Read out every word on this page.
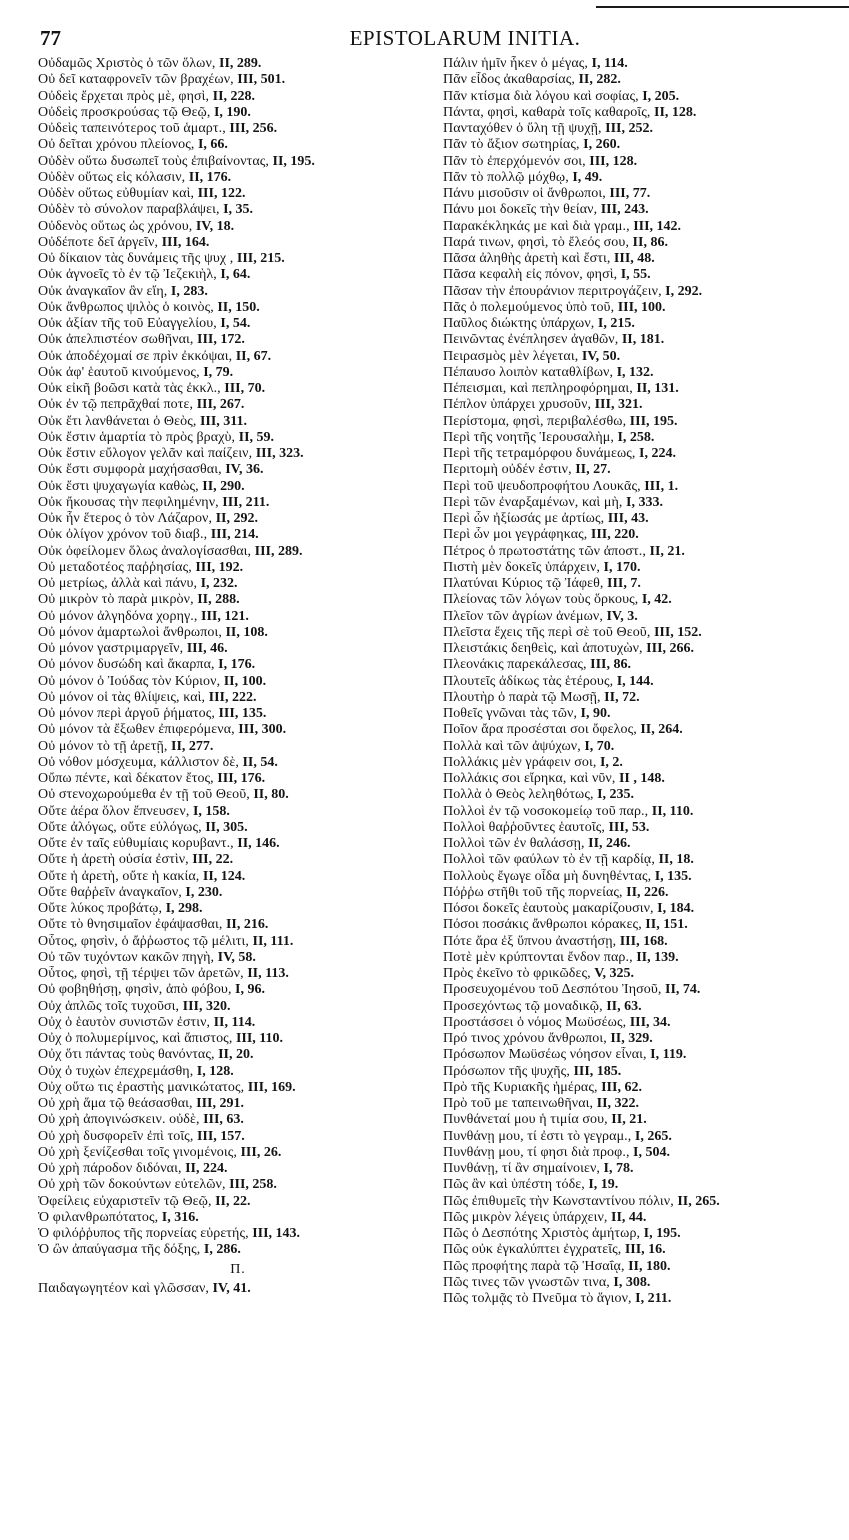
77	EPISTOLARUM INITIA.
Οὐδαμῶς Χριστὸς ὁ τῶν ὅλων, II, 289.
Οὐ δεῖ καταφρονεῖν τῶν βραχέων, III, 501.
Οὐδεὶς ἔρχεται πρὸς μὲ, φησὶ, II, 228.
Οὐδεὶς προσκρούσας τῷ Θεῷ, I, 190.
Οὐδεὶς ταπεινότερος τοῦ ἁμαρτ., III, 256.
Οὐ δεῖται χρόνου πλείονος, I, 66.
Οὐδὲν οὕτω δυσωπεῖ τοὺς ἐπιβαίνοντας, II, 195.
Οὐδὲν οὕτως εἰς κόλασιν, II, 176.
Οὐδὲν οὕτως εὐθυμίαν καὶ, III, 122.
Οὐδὲν τὸ σύνολον παραβλάψει, I, 35.
Οὐδενὸς οὕτως ὡς χρόνου, IV, 18.
Οὐδέποτε δεῖ ἀργεῖν, III, 164.
Οὐ δίκαιον τὰς δυνάμεις τῆς ψυχ , III, 215.
Οὐκ ἀγνοεῖς τὸ ἐν τῷ Ἰεζεκιὴλ, I, 64.
Οὐκ ἀναγκαῖον ἂν εἴη, I, 283.
Οὐκ ἄνθρωπος ψιλὸς ὁ κοινὸς, II, 150.
Οὐκ ἀξίαν τῆς τοῦ Εὐαγγελίου, I, 54.
Οὐκ ἀπελπιστέον σωθῆναι, III, 172.
Οὐκ ἀποδέχομαί σε πρὶν ἐκκόψαι, II, 67.
Οὐκ ἀφ' ἑαυτοῦ κινούμενος, I, 79.
Οὐκ εἰκῆ βοῶσι κατὰ τὰς ἐκκλ., III, 70.
Οὐκ ἐν τῷ πεπρᾶχθαί ποτε, III, 267.
Οὐκ ἔτι λανθάνεται ὁ Θεὸς, III, 311.
Οὐκ ἔστιν ἁμαρτία τὸ πρὸς βραχὺ, II, 59.
Οὐκ ἔστιν εὔλογον γελᾶν καὶ παίζειν, III, 323.
Οὐκ ἔστι συμφορὰ μαχήσασθαι, IV, 36.
Οὐκ ἔστι ψυχαγωγία καθὼς, II, 290.
Οὐκ ἤκουσας τὴν πεφιλημένην, III, 211.
Οὐκ ἦν ἕτερος ὁ τὸν Λάζαρον, II, 292.
Οὐκ ὀλίγον χρόνον τοῦ διαβ., III, 214.
Οὐκ ὀφείλομεν ὅλως ἀναλογίσασθαι, III, 289.
Οὐ μεταδοτέος παῤῥησίας, III, 192.
Οὐ μετρίως, ἀλλὰ καὶ πάνυ, I, 232.
Οὐ μικρὸν τὸ παρὰ μικρὸν, II, 288.
Οὐ μόνον ἀλγηδόνα χορηγ., III, 121.
Οὐ μόνον ἁμαρτωλοὶ ἄνθρωποι, II, 108.
Οὐ μόνον γαστριμαργεῖν, III, 46.
Οὐ μόνον δυσώδη καὶ ἄκαρπα, I, 176.
Οὐ μόνον ὁ Ἰούδας τὸν Κύριον, II, 100.
Οὐ μόνον οἱ τὰς θλίψεις, καὶ, III, 222.
Οὐ μόνον περὶ ἀργοῦ ῥήματος, III, 135.
Οὐ μόνον τὰ ἔξωθεν ἐπιφερόμενα, III, 300.
Οὐ μόνον τὸ τῇ ἀρετῇ, II, 277.
Οὐ νόθον μόσχευμα, κάλλιστον δὲ, II, 54.
Οὔπω πέντε, καὶ δέκατον ἔτος, III, 176.
Οὐ στενοχωρούμεθα ἐν τῇ τοῦ Θεοῦ, II, 80.
Οὔτε ἀέρα ὅλον ἔπνευσεν, I, 158.
Οὔτε ἀλόγως, οὔτε εὐλόγως, II, 305.
Οὔτε ἐν ταῖς εὐθυμίαις κορυβαντ., II, 146.
Οὔτε ἡ ἀρετὴ οὐσία ἐστὶν, III, 22.
Οὔτε ἡ ἀρετὴ, οὔτε ἡ κακία, II, 124.
Οὔτε θαῤῥεῖν ἀναγκαῖον, I, 230.
Οὔτε λύκος προβάτῳ, I, 298.
Οὔτε τὸ θνησιμαῖον ἐφάψασθαι, II, 216.
Οὗτος, φησὶν, ὁ ἄῤῥωστος τῷ μέλιτι, II, 111.
Οὐ τῶν τυχόντων κακῶν πηγὴ, IV, 58.
Οὗτος, φησὶ, τῇ τέρψει τῶν ἀρετῶν, II, 113.
Οὐ φοβηθήσῃ, φησὶν, ἀπὸ φόβου, I, 96.
Οὐχ ἁπλῶς τοῖς τυχοῦσι, III, 320.
Οὐχ ὁ ἑαυτὸν συνιστῶν ἐστιν, II, 114.
Οὐχ ὁ πολυμερίμνος, καὶ ἄπιστος, III, 110.
Οὐχ ὅτι πάντας τοὺς θανόντας, II, 20.
Οὐχ ὁ τυχὼν ἐπεχρεμάσθη, I, 128.
Οὐχ οὕτω τις ἐραστὴς μανικώτατος, III, 169.
Οὐ χρὴ ἅμα τῷ θεάσασθαι, III, 291.
Οὐ χρὴ ἀπογινώσκειν. οὐδὲ, III, 63.
Οὐ χρὴ δυσφορεῖν ἐπὶ τοῖς, III, 157.
Οὐ χρὴ ξενίζεσθαι τοῖς γινομένοις, III, 26.
Οὐ χρὴ πάροδον διδόναι, II, 224.
Οὐ χρὴ τῶν δοκούντων εὐτελῶν, III, 258.
Ὀφείλεις εὐχαριστεῖν τῷ Θεῷ, II, 22.
Ὁ φιλανθρωπότατος, I, 316.
Ὁ φιλόῤῥυπος τῆς πορνείας εὑρετής, III, 143.
Ὁ ὢν ἀπαύγασμα τῆς δόξης, I, 286.
Π.
Παιδαγωγητέον καὶ γλῶσσαν, IV, 41.
Πάλιν ἡμῖν ἧκεν ὁ μέγας, I, 114.
Πᾶν εἶδος ἀκαθαρσίας, II, 282.
Πᾶν κτίσμα διὰ λόγου καὶ σοφίας, I, 205.
Πάντα, φησὶ, καθαρὰ τοῖς καθαροῖς, II, 128.
Πανταχόθεν ὁ ὕλη τῇ ψυχῇ, III, 252.
Πᾶν τὸ ἄξιον σωτηρίας, I, 260.
Πᾶν τὸ ἐπερχόμενόν σοι, III, 128.
Πᾶν τὸ πολλῷ μόχθῳ, I, 49.
Πάνυ μισοῦσιν οἱ ἄνθρωποι, III, 77.
Πάνυ μοι δοκεῖς τὴν θείαν, III, 243.
Παρακέκληκάς με καὶ διὰ γραμ., III, 142.
Παρά τινων, φησὶ, τὸ ἔλεός σου, II, 86.
Πᾶσα ἀληθὴς ἀρετὴ καὶ ἔστι, III, 48.
Πᾶσα κεφαλὴ εἰς πόνον, φησὶ, I, 55.
Πᾶσαν τὴν ἐπουράνιον περιτρογάζειν, I, 292.
Πᾶς ὁ πολεμούμενος ὑπὸ τοῦ, III, 100.
Παῦλος διώκτης ὑπάρχων, I, 215.
Πεινῶντας ἐνέπλησεν ἀγαθῶν, II, 181.
Πειρασμὸς μὲν λέγεται, IV, 50.
Πέπαυσο λοιπὸν καταθλίβων, I, 132.
Πέπεισμαι, καὶ πεπληροφόρημαι, II, 131.
Πέπλον ὑπάρχει χρυσοῦν, III, 321.
Περίστομα, φησὶ, περιβαλέσθω, III, 195.
Περὶ τῆς νοητῆς Ἱερουσαλὴμ, I, 258.
Περὶ τῆς τετραμόρφου δυνάμεως, I, 224.
Περιτομὴ οὐδέν ἐστιν, II, 27.
Περὶ τοῦ ψευδοπροφήτου Λουκᾶς, III, 1.
Περὶ τῶν ἐναρξαμένων, καὶ μὴ, I, 333.
Περὶ ὧν ἠξίωσάς με ἀρτίως, III, 43.
Περὶ ὧν μοι γεγράφηκας, III, 220.
Πέτρος ὁ πρωτοστάτης τῶν ἀποστ., II, 21.
Πιστὴ μὲν δοκεῖς ὑπάρχειν, I, 170.
Πλατύναι Κύριος τῷ Ἰάφεθ, III, 7.
Πλείονας τῶν λόγων τοὺς ὅρκους, I, 42.
Πλεῖον τῶν ἀγρίων ἀνέμων, IV, 3.
Πλεῖστα ἔχεις τῆς περὶ σὲ τοῦ Θεοῦ, III, 152.
Πλειστάκις δεηθεὶς, καὶ ἀποτυχὼν, III, 266.
Πλεονάκις παρεκάλεσας, III, 86.
Πλουτεῖς ἀδίκως τὰς ἑτέρους, I, 144.
Πλουτὴρ ὁ παρὰ τῷ Μωσῇ, II, 72.
Ποθεῖς γνῶναι τὰς τῶν, I, 90.
Ποῖον ἄρα προσέσται σοι ὄφελος, II, 264.
Πολλὰ καὶ τῶν ἀψύχων, I, 70.
Πολλάκις μὲν γράφειν σοι, I, 2.
Πολλάκις σοι εἴρηκα, καὶ νῦν, II , 148.
Πολλὰ ὁ Θεὸς λεληθότως, I, 235.
Πολλοὶ ἐν τῷ νοσοκομείῳ τοῦ παρ., II, 110.
Πολλοὶ θαῤῥοῦντες ἑαυτοῖς, III, 53.
Πολλοὶ τῶν ἐν θαλάσσῃ, II, 246.
Πολλοὶ τῶν φαύλων τὸ ἐν τῇ καρδίᾳ, II, 18.
Πολλοὺς ἔγωγε οἶδα μὴ δυνηθέντας, I, 135.
Πόῤῥω στῆθι τοῦ τῆς πορνείας, II, 226.
Πόσοι δοκεῖς ἑαυτοὺς μακαρίζουσιν, I, 184.
Πόσοι ποσάκις ἄνθρωποι κόρακες, II, 151.
Πότε ἄρα ἐξ ὕπνου ἀναστήσῃ, III, 168.
Ποτὲ μὲν κρύπτονται ἔνδον παρ., II, 139.
Πρὸς ἐκεῖνο τὸ φρικῶδες, V, 325.
Προσευχομένου τοῦ Δεσπότου Ἰησοῦ, II, 74.
Προσεχόντως τῷ μοναδικῷ, II, 63.
Προστάσσει ὁ νόμος Μωϋσέως, III, 34.
Πρό τινος χρόνου ἄνθρωποι, II, 329.
Πρόσωπον Μωϋσέως νόησον εἶναι, I, 119.
Πρόσωπον τῆς ψυχῆς, III, 185.
Πρὸ τῆς Κυριακῆς ἡμέρας, III, 62.
Πρὸ τοῦ με ταπεινωθῆναι, II, 322.
Πυνθάνεταί μου ἡ τιμία σου, II, 21.
Πυνθάνῃ μου, τί ἐστι τὸ γεγραμ., I, 265.
Πυνθάνῃ μου, τί φησι διὰ προφ., I, 504.
Πυνθάνῃ, τί ἂν σημαίνοιεν, I, 78.
Πῶς ἂν καὶ ὑπέστη τόδε, I, 19.
Πῶς ἐπιθυμεῖς τὴν Κωνσταντίνου πόλιν, II, 265.
Πῶς μικρὸν λέγεις ὑπάρχειν, II, 44.
Πῶς ὁ Δεσπότης Χριστὸς ἀμήτωρ, I, 195.
Πῶς οὐκ ἐγκαλύπτει ἐγχρατεῖς, III, 16.
Πῶς προφήτης παρὰ τῷ Ἡσαΐᾳ, II, 180.
Πῶς τινες τῶν γνωστῶν τινα, I, 308.
Πῶς τολμᾷς τὸ Πνεῦμα τὸ ἅγιον, I, 211.
